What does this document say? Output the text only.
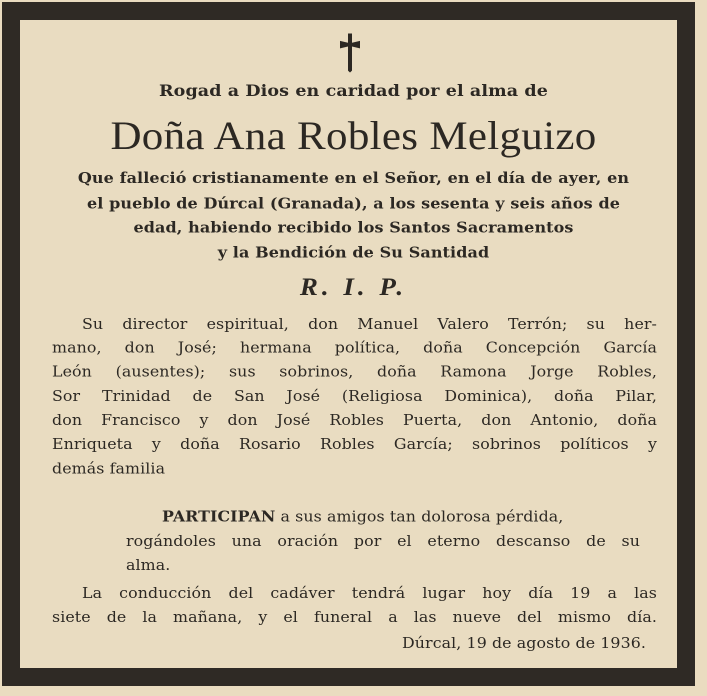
Rogad a Dios en caridad por el alma de
Doña Ana Robles Melguizo
Que falleció cristianamente en el Señor, en el día de ayer, en
el pueblo de Dúrcal (Granada), a los sesenta y seis años de
edad, habiendo recibido los Santos Sacramentos
y la Bendición de Su Santidad
R. I. P.
Su director espiritual, don Manuel Valero Terrón; su her-
mano, don José; hermana política, doña Concepción García
León (ausentes); sus sobrinos, doña Ramona Jorge Robles,
Sor Trinidad de San José (Religiosa Dominica), doña Pilar,
don Francisco y don José Robles Puerta, don Antonio, doña
Enriqueta y doña Rosario Robles García; sobrinos políticos y
demás familia
PARTICIPAN a sus amigos tan dolorosa pérdida,
rogándoles una oración por el eterno descanso de su
alma.
La conducción del cadáver tendrá lugar hoy día 19 a las
siete de la mañana, y el funeral a las nueve del mismo día.
Dúrcal, 19 de agosto de 1936.
